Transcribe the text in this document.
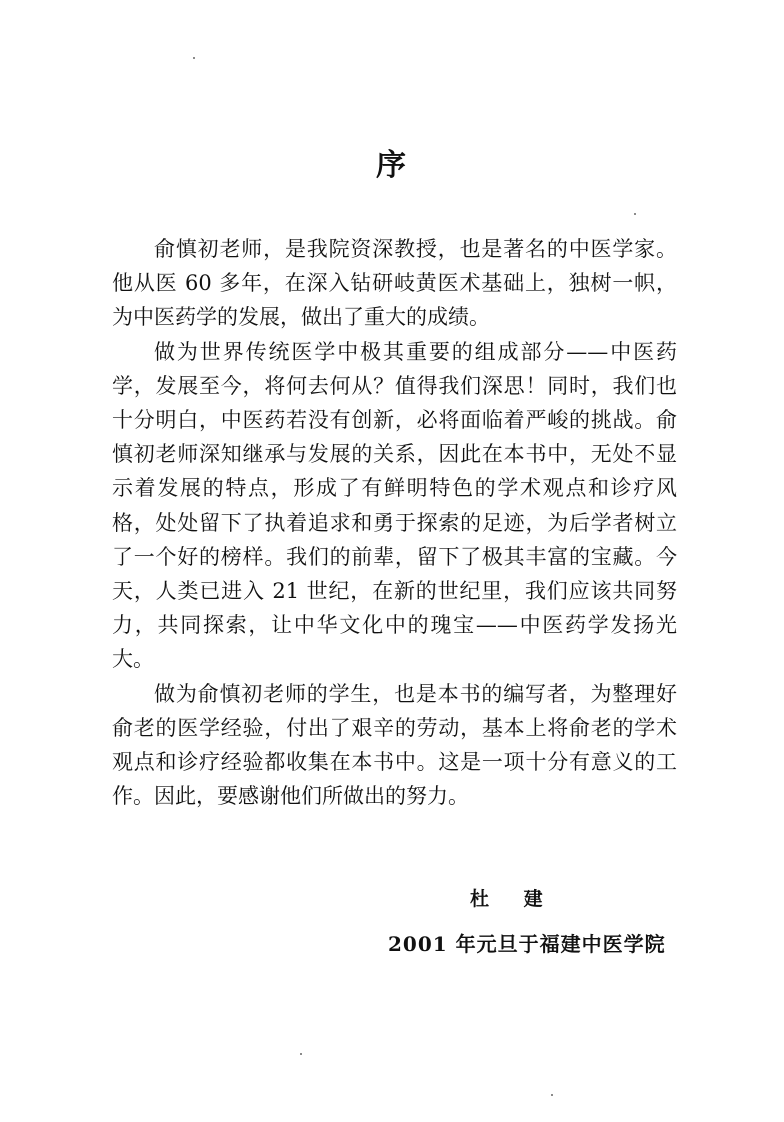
序

俞慎初老师，是我院资深教授，也是著名的中医学家。他从医 60 多年，在深入钻研岐黄医术基础上，独树一帜，为中医药学的发展，做出了重大的成绩。

做为世界传统医学中极其重要的组成部分——中医药学，发展至今，将何去何从？值得我们深思！同时，我们也十分明白，中医药若没有创新，必将面临着严峻的挑战。俞慎初老师深知继承与发展的关系，因此在本书中，无处不显示着发展的特点，形成了有鲜明特色的学术观点和诊疗风格，处处留下了执着追求和勇于探索的足迹，为后学者树立了一个好的榜样。我们的前辈，留下了极其丰富的宝藏。今天，人类已进入 21 世纪，在新的世纪里，我们应该共同努力，共同探索，让中华文化中的瑰宝——中医药学发扬光大。

做为俞慎初老师的学生，也是本书的编写者，为整理好俞老的医学经验，付出了艰辛的劳动，基本上将俞老的学术观点和诊疗经验都收集在本书中。这是一项十分有意义的工作。因此，要感谢他们所做出的努力。

杜 建
2001 年元旦于福建中医学院
